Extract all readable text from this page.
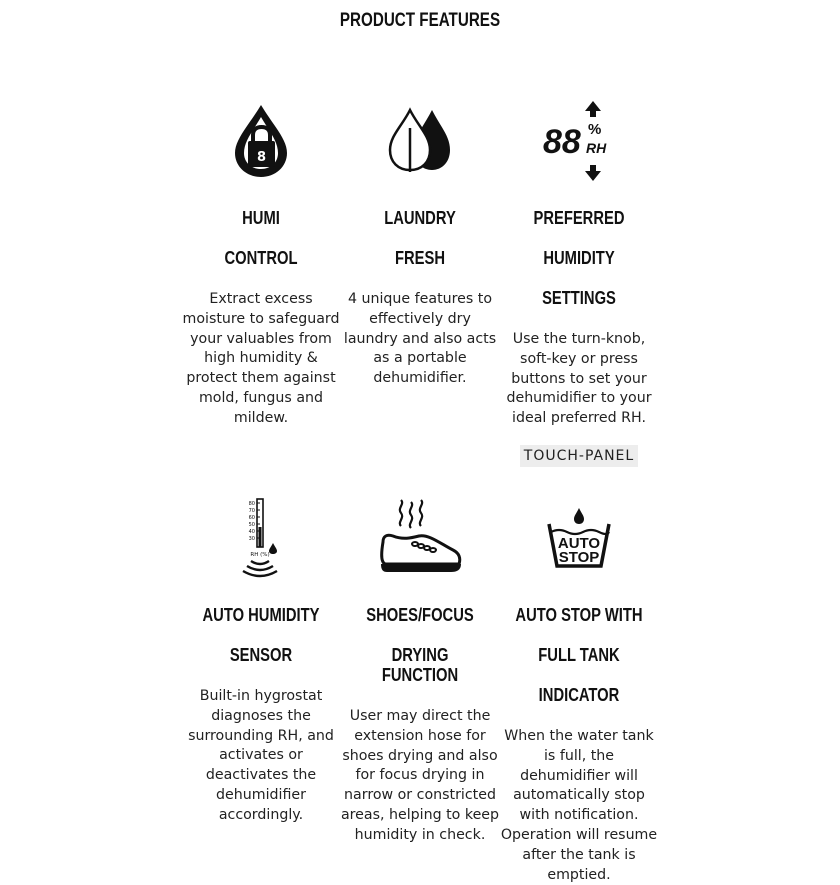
PRODUCT FEATURES
8

HUMI

CONTROL

Extract excess moisture to safeguard your valuables from high humidity & protect them against mold, fungus and mildew.

LAUNDRY

FRESH

4 unique features to effectively dry laundry and also acts as a portable dehumidifier.
88 %
RH

PREFERRED

HUMIDITY

SETTINGS

Use the turn-knob, soft-key or press buttons to set your dehumidifier to your ideal preferred RH.
TOUCH-PANEL
80
70
60
50
40
30
RH (%)

AUTO HUMIDITY

SENSOR

Built-in hygrostat diagnoses the surrounding RH, and activates or deactivates the dehumidifier accordingly.

SHOES/FOCUS

DRYING FUNCTION

User may direct the extension hose for shoes drying and also for focus drying in narrow or constricted areas, helping to keep humidity in check.
AUTO
STOP

AUTO STOP WITH

FULL TANK

INDICATOR

When the water tank is full, the dehumidifier will automatically stop with notification. Operation will resume after the tank is emptied.
